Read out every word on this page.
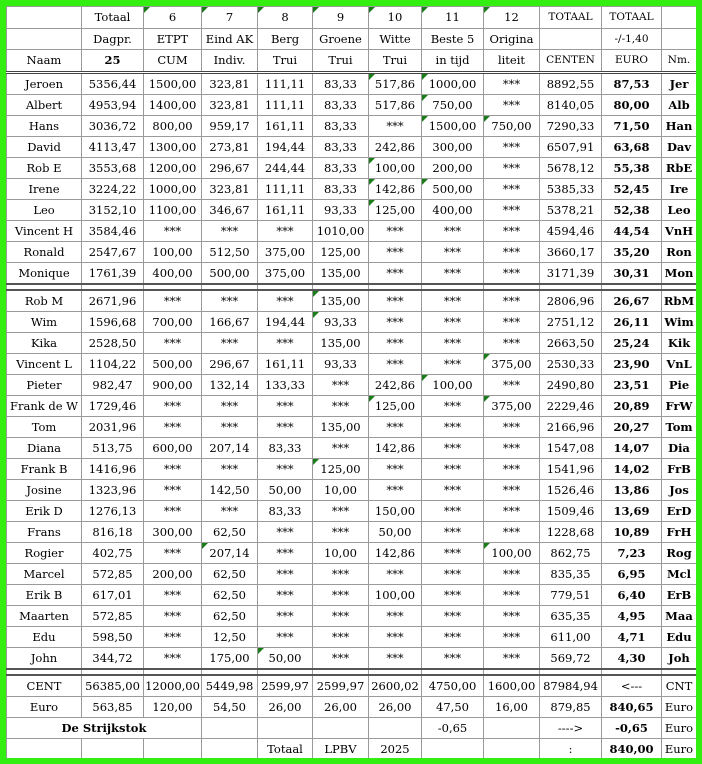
	Totaal	6	7	8	9	10	11	12	TOTAAL	TOTAAL	
	Dagpr.	ETPT	Eind AK	Berg	Groene	Witte	Beste 5	Origina		-/-1,40	
Naam	25	CUM	Indiv.	Trui	Trui	Trui	in tijd	liteit	CENTEN	EURO	Nm.
Jeroen	5356,44	1500,00	323,81	111,11	83,33	517,86	1000,00	***	8892,55	87,53	Jer
Albert	4953,94	1400,00	323,81	111,11	83,33	517,86	750,00	***	8140,05	80,00	Alb
Hans	3036,72	800,00	959,17	161,11	83,33	***	1500,00	750,00	7290,33	71,50	Han
David	4113,47	1300,00	273,81	194,44	83,33	242,86	300,00	***	6507,91	63,68	Dav
Rob E	3553,68	1200,00	296,67	244,44	83,33	100,00	200,00	***	5678,12	55,38	RbE
Irene	3224,22	1000,00	323,81	111,11	83,33	142,86	500,00	***	5385,33	52,45	Ire
Leo	3152,10	1100,00	346,67	161,11	93,33	125,00	400,00	***	5378,21	52,38	Leo
Vincent H	3584,46	***	***	***	1010,00	***	***	***	4594,46	44,54	VnH
Ronald	2547,67	100,00	512,50	375,00	125,00	***	***	***	3660,17	35,20	Ron
Monique	1761,39	400,00	500,00	375,00	135,00	***	***	***	3171,39	30,31	Mon

Rob M	2671,96	***	***	***	135,00	***	***	***	2806,96	26,67	RbM
Wim	1596,68	700,00	166,67	194,44	93,33	***	***	***	2751,12	26,11	Wim
Kika	2528,50	***	***	***	135,00	***	***	***	2663,50	25,24	Kik
Vincent L	1104,22	500,00	296,67	161,11	93,33	***	***	375,00	2530,33	23,90	VnL
Pieter	982,47	900,00	132,14	133,33	***	242,86	100,00	***	2490,80	23,51	Pie
Frank de W	1729,46	***	***	***	***	125,00	***	375,00	2229,46	20,89	FrW
Tom	2031,96	***	***	***	135,00	***	***	***	2166,96	20,27	Tom
Diana	513,75	600,00	207,14	83,33	***	142,86	***	***	1547,08	14,07	Dia
Frank B	1416,96	***	***	***	125,00	***	***	***	1541,96	14,02	FrB
Josine	1323,96	***	142,50	50,00	10,00	***	***	***	1526,46	13,86	Jos
Erik D	1276,13	***	***	83,33	***	150,00	***	***	1509,46	13,69	ErD
Frans	816,18	300,00	62,50	***	***	50,00	***	***	1228,68	10,89	FrH
Rogier	402,75	***	207,14	***	10,00	142,86	***	100,00	862,75	7,23	Rog
Marcel	572,85	200,00	62,50	***	***	***	***	***	835,35	6,95	Mcl
Erik B	617,01	***	62,50	***	***	100,00	***	***	779,51	6,40	ErB
Maarten	572,85	***	62,50	***	***	***	***	***	635,35	4,95	Maa
Edu	598,50	***	12,50	***	***	***	***	***	611,00	4,71	Edu
John	344,72	***	175,00	50,00	***	***	***	***	569,72	4,30	Joh

CENT	56385,00	12000,00	5449,98	2599,97	2599,97	2600,02	4750,00	1600,00	87984,94	<---	CNT
Euro	563,85	120,00	54,50	26,00	26,00	26,00	47,50	16,00	879,85	840,65	Euro
De Strijkstok							-0,65		---->	-0,65	Euro
				Totaal	LPBV	2025			:	840,00	Euro
